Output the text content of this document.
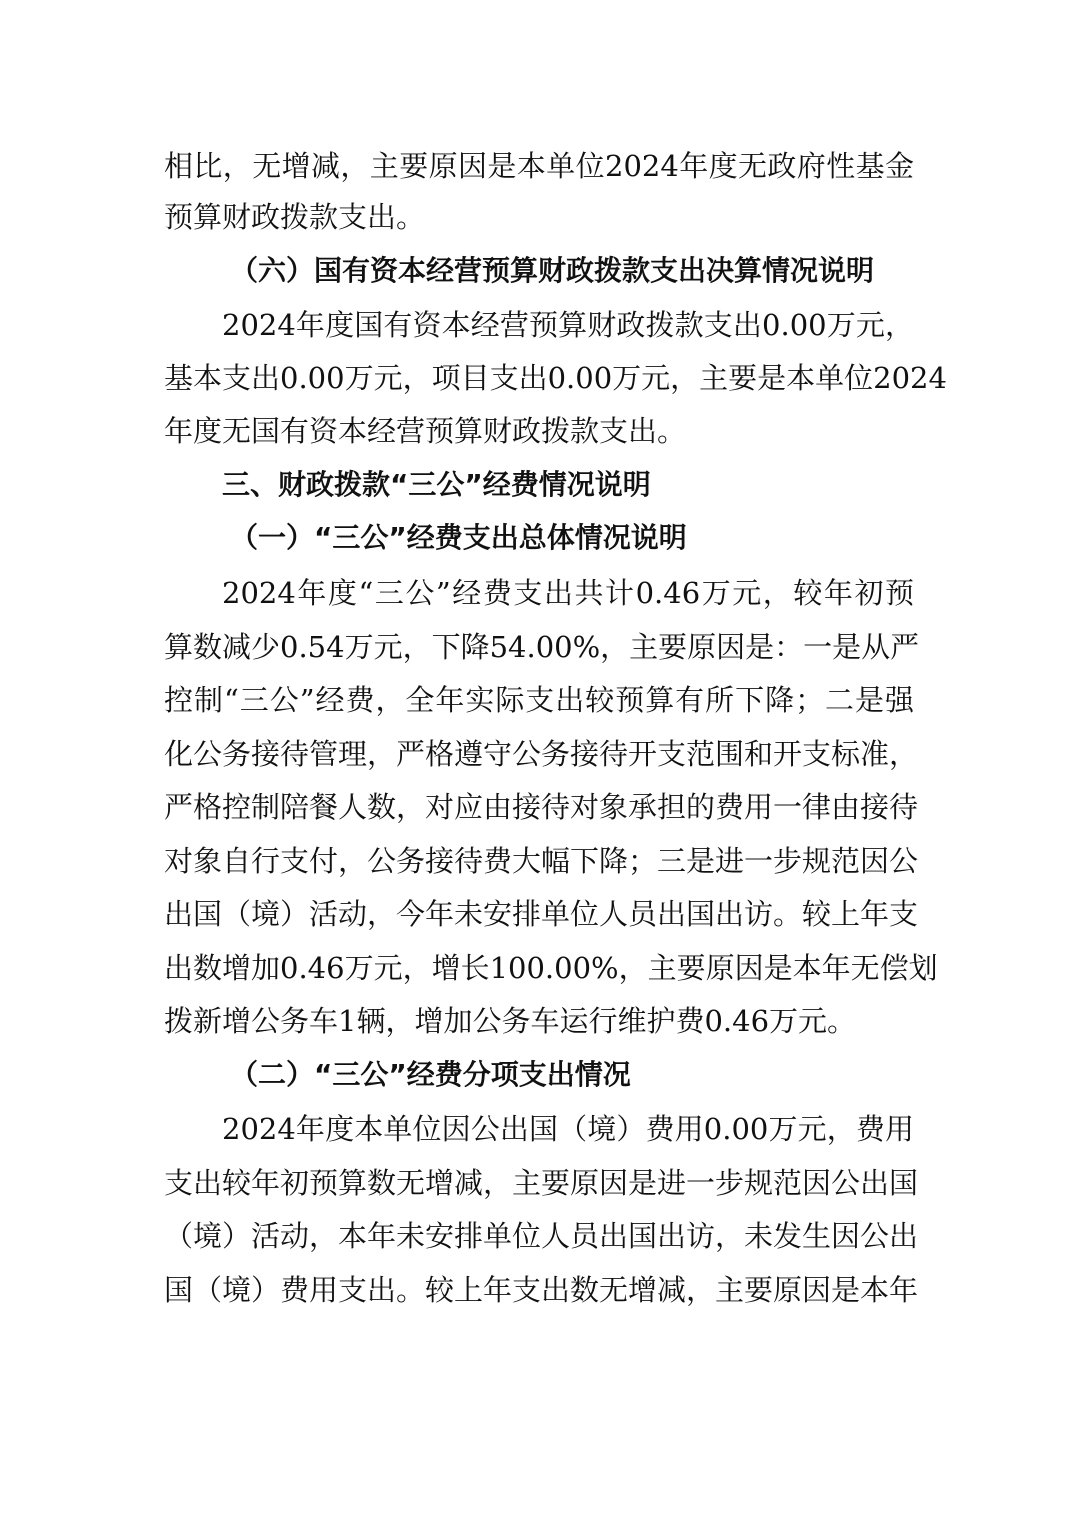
相比，无增减，主要原因是本单位2024年度无政府性基金
预算财政拨款支出。
（六）国有资本经营预算财政拨款支出决算情况说明
2024年度国有资本经营预算财政拨款支出0.00万元，
基本支出0.00万元，项目支出0.00万元，主要是本单位2024
年度无国有资本经营预算财政拨款支出。
三、财政拨款“三公”经费情况说明
（一）“三公”经费支出总体情况说明
2024年度“三公”经费支出共计0.46万元，较年初预
算数减少0.54万元，下降54.00%，主要原因是：一是从严
控制“三公”经费，全年实际支出较预算有所下降；二是强
化公务接待管理，严格遵守公务接待开支范围和开支标准，
严格控制陪餐人数，对应由接待对象承担的费用一律由接待
对象自行支付，公务接待费大幅下降；三是进一步规范因公
出国（境）活动，今年未安排单位人员出国出访。较上年支
出数增加0.46万元，增长100.00%，主要原因是本年无偿划
拨新增公务车1辆，增加公务车运行维护费0.46万元。
（二）“三公”经费分项支出情况
2024年度本单位因公出国（境）费用0.00万元，费用
支出较年初预算数无增减，主要原因是进一步规范因公出国
（境）活动，本年未安排单位人员出国出访，未发生因公出
国（境）费用支出。较上年支出数无增减，主要原因是本年
